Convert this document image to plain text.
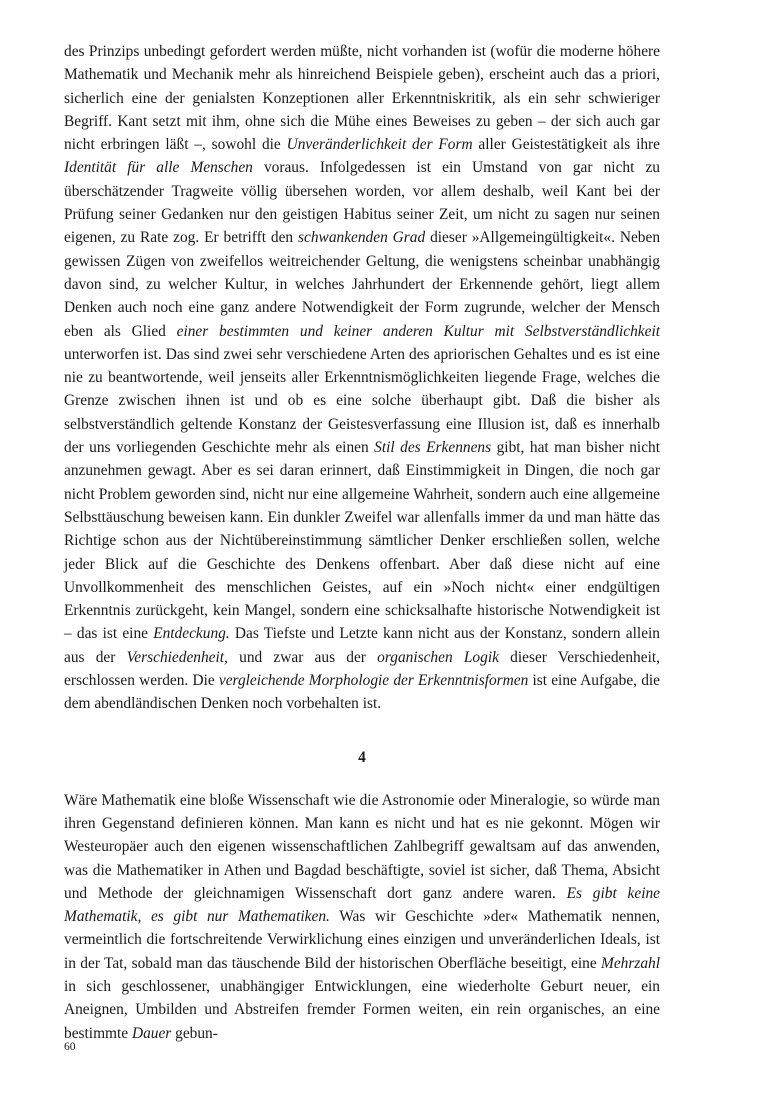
des Prinzips unbedingt gefordert werden müßte, nicht vorhanden ist (wofür die moderne höhere Mathematik und Mechanik mehr als hinreichend Beispiele geben), erscheint auch das a priori, sicherlich eine der genialsten Konzeptionen aller Erkenntniskritik, als ein sehr schwieriger Begriff. Kant setzt mit ihm, ohne sich die Mühe eines Beweises zu geben – der sich auch gar nicht erbringen läßt –, sowohl die Unveränderlichkeit der Form aller Geistestätigkeit als ihre Identität für alle Menschen voraus. Infolgedessen ist ein Umstand von gar nicht zu überschätzender Tragweite völlig übersehen worden, vor allem deshalb, weil Kant bei der Prüfung seiner Gedanken nur den geistigen Habitus seiner Zeit, um nicht zu sagen nur seinen eigenen, zu Rate zog. Er betrifft den schwankenden Grad dieser »Allgemeingültigkeit«. Neben gewissen Zügen von zweifellos weitreichender Geltung, die wenigstens scheinbar unabhängig davon sind, zu welcher Kultur, in welches Jahrhundert der Erkennende gehört, liegt allem Denken auch noch eine ganz andere Notwendigkeit der Form zugrunde, welcher der Mensch eben als Glied einer bestimmten und keiner anderen Kultur mit Selbstverständlichkeit unterworfen ist. Das sind zwei sehr verschiedene Arten des apriorischen Gehaltes und es ist eine nie zu beantwortende, weil jenseits aller Erkenntnismöglichkeiten liegende Frage, welches die Grenze zwischen ihnen ist und ob es eine solche überhaupt gibt. Daß die bisher als selbstverständlich geltende Konstanz der Geistesverfassung eine Illusion ist, daß es innerhalb der uns vorliegenden Geschichte mehr als einen Stil des Erkennens gibt, hat man bisher nicht anzunehmen gewagt. Aber es sei daran erinnert, daß Einstimmigkeit in Dingen, die noch gar nicht Problem geworden sind, nicht nur eine allgemeine Wahrheit, sondern auch eine allgemeine Selbsttäuschung beweisen kann. Ein dunkler Zweifel war allenfalls immer da und man hätte das Richtige schon aus der Nichtübereinstimmung sämtlicher Denker erschließen sollen, welche jeder Blick auf die Geschichte des Denkens offenbart. Aber daß diese nicht auf eine Unvollkommenheit des menschlichen Geistes, auf ein »Noch nicht« einer endgültigen Erkenntnis zurückgeht, kein Mangel, sondern eine schicksalhafte historische Notwendigkeit ist – das ist eine Entdeckung. Das Tiefste und Letzte kann nicht aus der Konstanz, sondern allein aus der Verschiedenheit, und zwar aus der organischen Logik dieser Verschiedenheit, erschlossen werden. Die vergleichende Morphologie der Erkenntnisformen ist eine Aufgabe, die dem abendländischen Denken noch vorbehalten ist.

4

Wäre Mathematik eine bloße Wissenschaft wie die Astronomie oder Mineralogie, so würde man ihren Gegenstand definieren können. Man kann es nicht und hat es nie gekonnt. Mögen wir Westeuropäer auch den eigenen wissenschaftlichen Zahlbegriff gewaltsam auf das anwenden, was die Mathematiker in Athen und Bagdad beschäftigte, soviel ist sicher, daß Thema, Absicht und Methode der gleichnamigen Wissenschaft dort ganz andere waren. Es gibt keine Mathematik, es gibt nur Mathematiken. Was wir Geschichte »der« Mathematik nennen, vermeintlich die fortschreitende Verwirklichung eines einzigen und unveränderlichen Ideals, ist in der Tat, sobald man das täuschende Bild der historischen Oberfläche beseitigt, eine Mehrzahl in sich geschlossener, unabhängiger Entwicklungen, eine wiederholte Geburt neuer, ein Aneignen, Umbilden und Abstreifen fremder Formen weiten, ein rein organisches, an eine bestimmte Dauer gebun-

60
